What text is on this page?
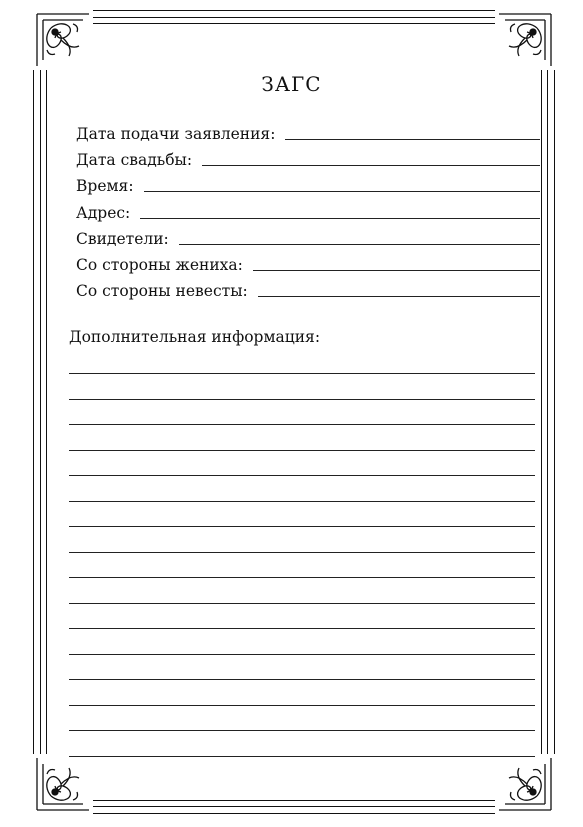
ЗАГС
Дата подачи заявления:
Дата свадьбы:
Время:
Адрес:
Свидетели:
Со стороны жениха:
Со стороны невесты:
Дополнительная информация:
